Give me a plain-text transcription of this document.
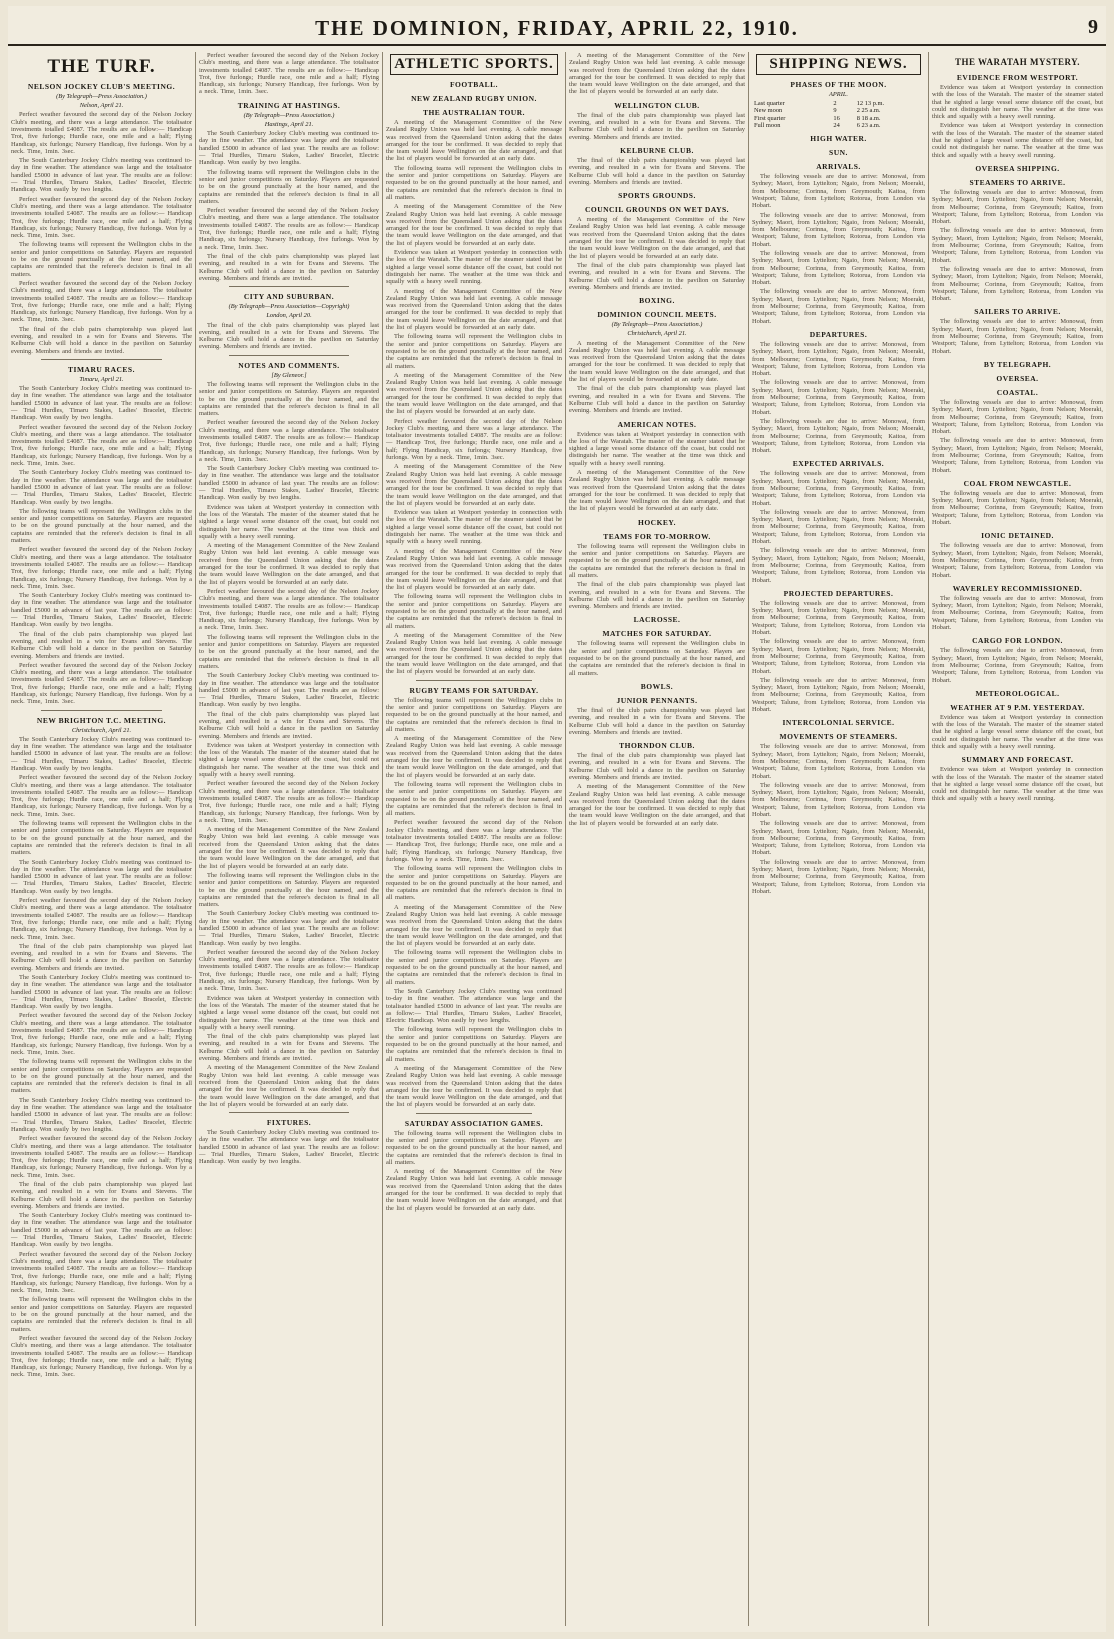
THE DOMINION, FRIDAY, APRIL 22, 1910.	9
THE TURF.
NELSON JOCKEY CLUB'S MEETING.
(By Telegraph—Press Association.)
Nelson, April 21.
Perfect weather favoured the second day of the Nelson Jockey Club's meeting, and there was a large attendance. The totalisator investments totalled £4087. The results are as follow:— Handicap Trot, five furlongs; Hurdle race, one mile and a half; Flying Handicap, six furlongs; Nursery Handicap, five furlongs. Won by a neck. Time, 1min. 3sec.
The South Canterbury Jockey Club's meeting was continued to-day in fine weather. The attendance was large and the totalisator handled £5000 in advance of last year. The results are as follow:— Trial Hurdles, Timaru Stakes, Ladies' Bracelet, Electric Handicap. Won easily by two lengths.
Perfect weather favoured the second day of the Nelson Jockey Club's meeting, and there was a large attendance. The totalisator investments totalled £4087. The results are as follow:— Handicap Trot, five furlongs; Hurdle race, one mile and a half; Flying Handicap, six furlongs; Nursery Handicap, five furlongs. Won by a neck. Time, 1min. 3sec.
The following teams will represent the Wellington clubs in the senior and junior competitions on Saturday. Players are requested to be on the ground punctually at the hour named, and the captains are reminded that the referee's decision is final in all matters.
Perfect weather favoured the second day of the Nelson Jockey Club's meeting, and there was a large attendance. The totalisator investments totalled £4087. The results are as follow:— Handicap Trot, five furlongs; Hurdle race, one mile and a half; Flying Handicap, six furlongs; Nursery Handicap, five furlongs. Won by a neck. Time, 1min. 3sec.
The final of the club pairs championship was played last evening, and resulted in a win for Evans and Stevens. The Kelburne Club will hold a dance in the pavilion on Saturday evening. Members and friends are invited.
TIMARU RACES.
Timaru, April 21.
The South Canterbury Jockey Club's meeting was continued to-day in fine weather. The attendance was large and the totalisator handled £5000 in advance of last year. The results are as follow:— Trial Hurdles, Timaru Stakes, Ladies' Bracelet, Electric Handicap. Won easily by two lengths.
Perfect weather favoured the second day of the Nelson Jockey Club's meeting, and there was a large attendance. The totalisator investments totalled £4087. The results are as follow:— Handicap Trot, five furlongs; Hurdle race, one mile and a half; Flying Handicap, six furlongs; Nursery Handicap, five furlongs. Won by a neck. Time, 1min. 3sec.
The South Canterbury Jockey Club's meeting was continued to-day in fine weather. The attendance was large and the totalisator handled £5000 in advance of last year. The results are as follow:— Trial Hurdles, Timaru Stakes, Ladies' Bracelet, Electric Handicap. Won easily by two lengths.
The following teams will represent the Wellington clubs in the senior and junior competitions on Saturday. Players are requested to be on the ground punctually at the hour named, and the captains are reminded that the referee's decision is final in all matters.
Perfect weather favoured the second day of the Nelson Jockey Club's meeting, and there was a large attendance. The totalisator investments totalled £4087. The results are as follow:— Handicap Trot, five furlongs; Hurdle race, one mile and a half; Flying Handicap, six furlongs; Nursery Handicap, five furlongs. Won by a neck. Time, 1min. 3sec.
The South Canterbury Jockey Club's meeting was continued to-day in fine weather. The attendance was large and the totalisator handled £5000 in advance of last year. The results are as follow:— Trial Hurdles, Timaru Stakes, Ladies' Bracelet, Electric Handicap. Won easily by two lengths.
The final of the club pairs championship was played last evening, and resulted in a win for Evans and Stevens. The Kelburne Club will hold a dance in the pavilion on Saturday evening. Members and friends are invited.
Perfect weather favoured the second day of the Nelson Jockey Club's meeting, and there was a large attendance. The totalisator investments totalled £4087. The results are as follow:— Handicap Trot, five furlongs; Hurdle race, one mile and a half; Flying Handicap, six furlongs; Nursery Handicap, five furlongs. Won by a neck. Time, 1min. 3sec.
NEW BRIGHTON T.C. MEETING.
Christchurch, April 21.
The South Canterbury Jockey Club's meeting was continued to-day in fine weather. The attendance was large and the totalisator handled £5000 in advance of last year. The results are as follow:— Trial Hurdles, Timaru Stakes, Ladies' Bracelet, Electric Handicap. Won easily by two lengths.
Perfect weather favoured the second day of the Nelson Jockey Club's meeting, and there was a large attendance. The totalisator investments totalled £4087. The results are as follow:— Handicap Trot, five furlongs; Hurdle race, one mile and a half; Flying Handicap, six furlongs; Nursery Handicap, five furlongs. Won by a neck. Time, 1min. 3sec.
The following teams will represent the Wellington clubs in the senior and junior competitions on Saturday. Players are requested to be on the ground punctually at the hour named, and the captains are reminded that the referee's decision is final in all matters.
The South Canterbury Jockey Club's meeting was continued to-day in fine weather. The attendance was large and the totalisator handled £5000 in advance of last year. The results are as follow:— Trial Hurdles, Timaru Stakes, Ladies' Bracelet, Electric Handicap. Won easily by two lengths.
Perfect weather favoured the second day of the Nelson Jockey Club's meeting, and there was a large attendance. The totalisator investments totalled £4087. The results are as follow:— Handicap Trot, five furlongs; Hurdle race, one mile and a half; Flying Handicap, six furlongs; Nursery Handicap, five furlongs. Won by a neck. Time, 1min. 3sec.
The final of the club pairs championship was played last evening, and resulted in a win for Evans and Stevens. The Kelburne Club will hold a dance in the pavilion on Saturday evening. Members and friends are invited.
The South Canterbury Jockey Club's meeting was continued to-day in fine weather. The attendance was large and the totalisator handled £5000 in advance of last year. The results are as follow:— Trial Hurdles, Timaru Stakes, Ladies' Bracelet, Electric Handicap. Won easily by two lengths.
Perfect weather favoured the second day of the Nelson Jockey Club's meeting, and there was a large attendance. The totalisator investments totalled £4087. The results are as follow:— Handicap Trot, five furlongs; Hurdle race, one mile and a half; Flying Handicap, six furlongs; Nursery Handicap, five furlongs. Won by a neck. Time, 1min. 3sec.
The following teams will represent the Wellington clubs in the senior and junior competitions on Saturday. Players are requested to be on the ground punctually at the hour named, and the captains are reminded that the referee's decision is final in all matters.
The South Canterbury Jockey Club's meeting was continued to-day in fine weather. The attendance was large and the totalisator handled £5000 in advance of last year. The results are as follow:— Trial Hurdles, Timaru Stakes, Ladies' Bracelet, Electric Handicap. Won easily by two lengths.
Perfect weather favoured the second day of the Nelson Jockey Club's meeting, and there was a large attendance. The totalisator investments totalled £4087. The results are as follow:— Handicap Trot, five furlongs; Hurdle race, one mile and a half; Flying Handicap, six furlongs; Nursery Handicap, five furlongs. Won by a neck. Time, 1min. 3sec.
The final of the club pairs championship was played last evening, and resulted in a win for Evans and Stevens. The Kelburne Club will hold a dance in the pavilion on Saturday evening. Members and friends are invited.
The South Canterbury Jockey Club's meeting was continued to-day in fine weather. The attendance was large and the totalisator handled £5000 in advance of last year. The results are as follow:— Trial Hurdles, Timaru Stakes, Ladies' Bracelet, Electric Handicap. Won easily by two lengths.
Perfect weather favoured the second day of the Nelson Jockey Club's meeting, and there was a large attendance. The totalisator investments totalled £4087. The results are as follow:— Handicap Trot, five furlongs; Hurdle race, one mile and a half; Flying Handicap, six furlongs; Nursery Handicap, five furlongs. Won by a neck. Time, 1min. 3sec.
The following teams will represent the Wellington clubs in the senior and junior competitions on Saturday. Players are requested to be on the ground punctually at the hour named, and the captains are reminded that the referee's decision is final in all matters.
Perfect weather favoured the second day of the Nelson Jockey Club's meeting, and there was a large attendance. The totalisator investments totalled £4087. The results are as follow:— Handicap Trot, five furlongs; Hurdle race, one mile and a half; Flying Handicap, six furlongs; Nursery Handicap, five furlongs. Won by a neck. Time, 1min. 3sec.
Perfect weather favoured the second day of the Nelson Jockey Club's meeting, and there was a large attendance. The totalisator investments totalled £4087. The results are as follow:— Handicap Trot, five furlongs; Hurdle race, one mile and a half; Flying Handicap, six furlongs; Nursery Handicap, five furlongs. Won by a neck. Time, 1min. 3sec.
TRAINING AT HASTINGS.
(By Telegraph—Press Association.)
Hastings, April 21.
The South Canterbury Jockey Club's meeting was continued to-day in fine weather. The attendance was large and the totalisator handled £5000 in advance of last year. The results are as follow:— Trial Hurdles, Timaru Stakes, Ladies' Bracelet, Electric Handicap. Won easily by two lengths.
The following teams will represent the Wellington clubs in the senior and junior competitions on Saturday. Players are requested to be on the ground punctually at the hour named, and the captains are reminded that the referee's decision is final in all matters.
Perfect weather favoured the second day of the Nelson Jockey Club's meeting, and there was a large attendance. The totalisator investments totalled £4087. The results are as follow:— Handicap Trot, five furlongs; Hurdle race, one mile and a half; Flying Handicap, six furlongs; Nursery Handicap, five furlongs. Won by a neck. Time, 1min. 3sec.
The final of the club pairs championship was played last evening, and resulted in a win for Evans and Stevens. The Kelburne Club will hold a dance in the pavilion on Saturday evening. Members and friends are invited.
CITY AND SUBURBAN.
(By Telegraph—Press Association—Copyright)
London, April 20.
The final of the club pairs championship was played last evening, and resulted in a win for Evans and Stevens. The Kelburne Club will hold a dance in the pavilion on Saturday evening. Members and friends are invited.
NOTES AND COMMENTS.
[By Gleneor.]
The following teams will represent the Wellington clubs in the senior and junior competitions on Saturday. Players are requested to be on the ground punctually at the hour named, and the captains are reminded that the referee's decision is final in all matters.
Perfect weather favoured the second day of the Nelson Jockey Club's meeting, and there was a large attendance. The totalisator investments totalled £4087. The results are as follow:— Handicap Trot, five furlongs; Hurdle race, one mile and a half; Flying Handicap, six furlongs; Nursery Handicap, five furlongs. Won by a neck. Time, 1min. 3sec.
The South Canterbury Jockey Club's meeting was continued to-day in fine weather. The attendance was large and the totalisator handled £5000 in advance of last year. The results are as follow:— Trial Hurdles, Timaru Stakes, Ladies' Bracelet, Electric Handicap. Won easily by two lengths.
Evidence was taken at Westport yesterday in connection with the loss of the Waratah. The master of the steamer stated that he sighted a large vessel some distance off the coast, but could not distinguish her name. The weather at the time was thick and squally with a heavy swell running.
A meeting of the Management Committee of the New Zealand Rugby Union was held last evening. A cable message was received from the Queensland Union asking that the dates arranged for the tour be confirmed. It was decided to reply that the team would leave Wellington on the date arranged, and that the list of players would be forwarded at an early date.
Perfect weather favoured the second day of the Nelson Jockey Club's meeting, and there was a large attendance. The totalisator investments totalled £4087. The results are as follow:— Handicap Trot, five furlongs; Hurdle race, one mile and a half; Flying Handicap, six furlongs; Nursery Handicap, five furlongs. Won by a neck. Time, 1min. 3sec.
The following teams will represent the Wellington clubs in the senior and junior competitions on Saturday. Players are requested to be on the ground punctually at the hour named, and the captains are reminded that the referee's decision is final in all matters.
The South Canterbury Jockey Club's meeting was continued to-day in fine weather. The attendance was large and the totalisator handled £5000 in advance of last year. The results are as follow:— Trial Hurdles, Timaru Stakes, Ladies' Bracelet, Electric Handicap. Won easily by two lengths.
The final of the club pairs championship was played last evening, and resulted in a win for Evans and Stevens. The Kelburne Club will hold a dance in the pavilion on Saturday evening. Members and friends are invited.
Evidence was taken at Westport yesterday in connection with the loss of the Waratah. The master of the steamer stated that he sighted a large vessel some distance off the coast, but could not distinguish her name. The weather at the time was thick and squally with a heavy swell running.
Perfect weather favoured the second day of the Nelson Jockey Club's meeting, and there was a large attendance. The totalisator investments totalled £4087. The results are as follow:— Handicap Trot, five furlongs; Hurdle race, one mile and a half; Flying Handicap, six furlongs; Nursery Handicap, five furlongs. Won by a neck. Time, 1min. 3sec.
A meeting of the Management Committee of the New Zealand Rugby Union was held last evening. A cable message was received from the Queensland Union asking that the dates arranged for the tour be confirmed. It was decided to reply that the team would leave Wellington on the date arranged, and that the list of players would be forwarded at an early date.
The following teams will represent the Wellington clubs in the senior and junior competitions on Saturday. Players are requested to be on the ground punctually at the hour named, and the captains are reminded that the referee's decision is final in all matters.
The South Canterbury Jockey Club's meeting was continued to-day in fine weather. The attendance was large and the totalisator handled £5000 in advance of last year. The results are as follow:— Trial Hurdles, Timaru Stakes, Ladies' Bracelet, Electric Handicap. Won easily by two lengths.
Perfect weather favoured the second day of the Nelson Jockey Club's meeting, and there was a large attendance. The totalisator investments totalled £4087. The results are as follow:— Handicap Trot, five furlongs; Hurdle race, one mile and a half; Flying Handicap, six furlongs; Nursery Handicap, five furlongs. Won by a neck. Time, 1min. 3sec.
Evidence was taken at Westport yesterday in connection with the loss of the Waratah. The master of the steamer stated that he sighted a large vessel some distance off the coast, but could not distinguish her name. The weather at the time was thick and squally with a heavy swell running.
The final of the club pairs championship was played last evening, and resulted in a win for Evans and Stevens. The Kelburne Club will hold a dance in the pavilion on Saturday evening. Members and friends are invited.
A meeting of the Management Committee of the New Zealand Rugby Union was held last evening. A cable message was received from the Queensland Union asking that the dates arranged for the tour be confirmed. It was decided to reply that the team would leave Wellington on the date arranged, and that the list of players would be forwarded at an early date.
FIXTURES.
The South Canterbury Jockey Club's meeting was continued to-day in fine weather. The attendance was large and the totalisator handled £5000 in advance of last year. The results are as follow:— Trial Hurdles, Timaru Stakes, Ladies' Bracelet, Electric Handicap. Won easily by two lengths.
ATHLETIC SPORTS.
FOOTBALL.
NEW ZEALAND RUGBY UNION.
THE AUSTRALIAN TOUR.
A meeting of the Management Committee of the New Zealand Rugby Union was held last evening. A cable message was received from the Queensland Union asking that the dates arranged for the tour be confirmed. It was decided to reply that the team would leave Wellington on the date arranged, and that the list of players would be forwarded at an early date.
The following teams will represent the Wellington clubs in the senior and junior competitions on Saturday. Players are requested to be on the ground punctually at the hour named, and the captains are reminded that the referee's decision is final in all matters.
A meeting of the Management Committee of the New Zealand Rugby Union was held last evening. A cable message was received from the Queensland Union asking that the dates arranged for the tour be confirmed. It was decided to reply that the team would leave Wellington on the date arranged, and that the list of players would be forwarded at an early date.
Evidence was taken at Westport yesterday in connection with the loss of the Waratah. The master of the steamer stated that he sighted a large vessel some distance off the coast, but could not distinguish her name. The weather at the time was thick and squally with a heavy swell running.
A meeting of the Management Committee of the New Zealand Rugby Union was held last evening. A cable message was received from the Queensland Union asking that the dates arranged for the tour be confirmed. It was decided to reply that the team would leave Wellington on the date arranged, and that the list of players would be forwarded at an early date.
The following teams will represent the Wellington clubs in the senior and junior competitions on Saturday. Players are requested to be on the ground punctually at the hour named, and the captains are reminded that the referee's decision is final in all matters.
A meeting of the Management Committee of the New Zealand Rugby Union was held last evening. A cable message was received from the Queensland Union asking that the dates arranged for the tour be confirmed. It was decided to reply that the team would leave Wellington on the date arranged, and that the list of players would be forwarded at an early date.
Perfect weather favoured the second day of the Nelson Jockey Club's meeting, and there was a large attendance. The totalisator investments totalled £4087. The results are as follow:— Handicap Trot, five furlongs; Hurdle race, one mile and a half; Flying Handicap, six furlongs; Nursery Handicap, five furlongs. Won by a neck. Time, 1min. 3sec.
A meeting of the Management Committee of the New Zealand Rugby Union was held last evening. A cable message was received from the Queensland Union asking that the dates arranged for the tour be confirmed. It was decided to reply that the team would leave Wellington on the date arranged, and that the list of players would be forwarded at an early date.
Evidence was taken at Westport yesterday in connection with the loss of the Waratah. The master of the steamer stated that he sighted a large vessel some distance off the coast, but could not distinguish her name. The weather at the time was thick and squally with a heavy swell running.
A meeting of the Management Committee of the New Zealand Rugby Union was held last evening. A cable message was received from the Queensland Union asking that the dates arranged for the tour be confirmed. It was decided to reply that the team would leave Wellington on the date arranged, and that the list of players would be forwarded at an early date.
The following teams will represent the Wellington clubs in the senior and junior competitions on Saturday. Players are requested to be on the ground punctually at the hour named, and the captains are reminded that the referee's decision is final in all matters.
A meeting of the Management Committee of the New Zealand Rugby Union was held last evening. A cable message was received from the Queensland Union asking that the dates arranged for the tour be confirmed. It was decided to reply that the team would leave Wellington on the date arranged, and that the list of players would be forwarded at an early date.
RUGBY TEAMS FOR SATURDAY.
The following teams will represent the Wellington clubs in the senior and junior competitions on Saturday. Players are requested to be on the ground punctually at the hour named, and the captains are reminded that the referee's decision is final in all matters.
A meeting of the Management Committee of the New Zealand Rugby Union was held last evening. A cable message was received from the Queensland Union asking that the dates arranged for the tour be confirmed. It was decided to reply that the team would leave Wellington on the date arranged, and that the list of players would be forwarded at an early date.
The following teams will represent the Wellington clubs in the senior and junior competitions on Saturday. Players are requested to be on the ground punctually at the hour named, and the captains are reminded that the referee's decision is final in all matters.
Perfect weather favoured the second day of the Nelson Jockey Club's meeting, and there was a large attendance. The totalisator investments totalled £4087. The results are as follow:— Handicap Trot, five furlongs; Hurdle race, one mile and a half; Flying Handicap, six furlongs; Nursery Handicap, five furlongs. Won by a neck. Time, 1min. 3sec.
The following teams will represent the Wellington clubs in the senior and junior competitions on Saturday. Players are requested to be on the ground punctually at the hour named, and the captains are reminded that the referee's decision is final in all matters.
A meeting of the Management Committee of the New Zealand Rugby Union was held last evening. A cable message was received from the Queensland Union asking that the dates arranged for the tour be confirmed. It was decided to reply that the team would leave Wellington on the date arranged, and that the list of players would be forwarded at an early date.
The following teams will represent the Wellington clubs in the senior and junior competitions on Saturday. Players are requested to be on the ground punctually at the hour named, and the captains are reminded that the referee's decision is final in all matters.
The South Canterbury Jockey Club's meeting was continued to-day in fine weather. The attendance was large and the totalisator handled £5000 in advance of last year. The results are as follow:— Trial Hurdles, Timaru Stakes, Ladies' Bracelet, Electric Handicap. Won easily by two lengths.
The following teams will represent the Wellington clubs in the senior and junior competitions on Saturday. Players are requested to be on the ground punctually at the hour named, and the captains are reminded that the referee's decision is final in all matters.
A meeting of the Management Committee of the New Zealand Rugby Union was held last evening. A cable message was received from the Queensland Union asking that the dates arranged for the tour be confirmed. It was decided to reply that the team would leave Wellington on the date arranged, and that the list of players would be forwarded at an early date.
SATURDAY ASSOCIATION GAMES.
The following teams will represent the Wellington clubs in the senior and junior competitions on Saturday. Players are requested to be on the ground punctually at the hour named, and the captains are reminded that the referee's decision is final in all matters.
A meeting of the Management Committee of the New Zealand Rugby Union was held last evening. A cable message was received from the Queensland Union asking that the dates arranged for the tour be confirmed. It was decided to reply that the team would leave Wellington on the date arranged, and that the list of players would be forwarded at an early date.
A meeting of the Management Committee of the New Zealand Rugby Union was held last evening. A cable message was received from the Queensland Union asking that the dates arranged for the tour be confirmed. It was decided to reply that the team would leave Wellington on the date arranged, and that the list of players would be forwarded at an early date.
WELLINGTON CLUB.
The final of the club pairs championship was played last evening, and resulted in a win for Evans and Stevens. The Kelburne Club will hold a dance in the pavilion on Saturday evening. Members and friends are invited.
KELBURNE CLUB.
The final of the club pairs championship was played last evening, and resulted in a win for Evans and Stevens. The Kelburne Club will hold a dance in the pavilion on Saturday evening. Members and friends are invited.
SPORTS GROUNDS.
COUNCIL GROUNDS ON WET DAYS.
A meeting of the Management Committee of the New Zealand Rugby Union was held last evening. A cable message was received from the Queensland Union asking that the dates arranged for the tour be confirmed. It was decided to reply that the team would leave Wellington on the date arranged, and that the list of players would be forwarded at an early date.
The final of the club pairs championship was played last evening, and resulted in a win for Evans and Stevens. The Kelburne Club will hold a dance in the pavilion on Saturday evening. Members and friends are invited.
BOXING.
DOMINION COUNCIL MEETS.
(By Telegraph—Press Association.)
Christchurch, April 21.
A meeting of the Management Committee of the New Zealand Rugby Union was held last evening. A cable message was received from the Queensland Union asking that the dates arranged for the tour be confirmed. It was decided to reply that the team would leave Wellington on the date arranged, and that the list of players would be forwarded at an early date.
The final of the club pairs championship was played last evening, and resulted in a win for Evans and Stevens. The Kelburne Club will hold a dance in the pavilion on Saturday evening. Members and friends are invited.
AMERICAN NOTES.
Evidence was taken at Westport yesterday in connection with the loss of the Waratah. The master of the steamer stated that he sighted a large vessel some distance off the coast, but could not distinguish her name. The weather at the time was thick and squally with a heavy swell running.
A meeting of the Management Committee of the New Zealand Rugby Union was held last evening. A cable message was received from the Queensland Union asking that the dates arranged for the tour be confirmed. It was decided to reply that the team would leave Wellington on the date arranged, and that the list of players would be forwarded at an early date.
HOCKEY.
TEAMS FOR TO-MORROW.
The following teams will represent the Wellington clubs in the senior and junior competitions on Saturday. Players are requested to be on the ground punctually at the hour named, and the captains are reminded that the referee's decision is final in all matters.
The final of the club pairs championship was played last evening, and resulted in a win for Evans and Stevens. The Kelburne Club will hold a dance in the pavilion on Saturday evening. Members and friends are invited.
LACROSSE.
MATCHES FOR SATURDAY.
The following teams will represent the Wellington clubs in the senior and junior competitions on Saturday. Players are requested to be on the ground punctually at the hour named, and the captains are reminded that the referee's decision is final in all matters.
BOWLS.
JUNIOR PENNANTS.
The final of the club pairs championship was played last evening, and resulted in a win for Evans and Stevens. The Kelburne Club will hold a dance in the pavilion on Saturday evening. Members and friends are invited.
THORNDON CLUB.
The final of the club pairs championship was played last evening, and resulted in a win for Evans and Stevens. The Kelburne Club will hold a dance in the pavilion on Saturday evening. Members and friends are invited.
A meeting of the Management Committee of the New Zealand Rugby Union was held last evening. A cable message was received from the Queensland Union asking that the dates arranged for the tour be confirmed. It was decided to reply that the team would leave Wellington on the date arranged, and that the list of players would be forwarded at an early date.
SHIPPING NEWS.
PHASES OF THE MOON.
APRIL.
Last quarter	2	12 13 p.m.
New moon	9	2 25 a.m.
First quarter	16	8 18 a.m.
Full moon	24	6 23 a.m.
HIGH WATER.
SUN.
ARRIVALS.
The following vessels are due to arrive: Monowai, from Sydney; Maori, from Lyttelton; Ngaio, from Nelson; Moeraki, from Melbourne; Corinna, from Greymouth; Kaitoa, from Westport; Talune, from Lyttelton; Rotorua, from London via Hobart.
The following vessels are due to arrive: Monowai, from Sydney; Maori, from Lyttelton; Ngaio, from Nelson; Moeraki, from Melbourne; Corinna, from Greymouth; Kaitoa, from Westport; Talune, from Lyttelton; Rotorua, from London via Hobart.
The following vessels are due to arrive: Monowai, from Sydney; Maori, from Lyttelton; Ngaio, from Nelson; Moeraki, from Melbourne; Corinna, from Greymouth; Kaitoa, from Westport; Talune, from Lyttelton; Rotorua, from London via Hobart.
The following vessels are due to arrive: Monowai, from Sydney; Maori, from Lyttelton; Ngaio, from Nelson; Moeraki, from Melbourne; Corinna, from Greymouth; Kaitoa, from Westport; Talune, from Lyttelton; Rotorua, from London via Hobart.
DEPARTURES.
The following vessels are due to arrive: Monowai, from Sydney; Maori, from Lyttelton; Ngaio, from Nelson; Moeraki, from Melbourne; Corinna, from Greymouth; Kaitoa, from Westport; Talune, from Lyttelton; Rotorua, from London via Hobart.
The following vessels are due to arrive: Monowai, from Sydney; Maori, from Lyttelton; Ngaio, from Nelson; Moeraki, from Melbourne; Corinna, from Greymouth; Kaitoa, from Westport; Talune, from Lyttelton; Rotorua, from London via Hobart.
The following vessels are due to arrive: Monowai, from Sydney; Maori, from Lyttelton; Ngaio, from Nelson; Moeraki, from Melbourne; Corinna, from Greymouth; Kaitoa, from Westport; Talune, from Lyttelton; Rotorua, from London via Hobart.
EXPECTED ARRIVALS.
The following vessels are due to arrive: Monowai, from Sydney; Maori, from Lyttelton; Ngaio, from Nelson; Moeraki, from Melbourne; Corinna, from Greymouth; Kaitoa, from Westport; Talune, from Lyttelton; Rotorua, from London via Hobart.
The following vessels are due to arrive: Monowai, from Sydney; Maori, from Lyttelton; Ngaio, from Nelson; Moeraki, from Melbourne; Corinna, from Greymouth; Kaitoa, from Westport; Talune, from Lyttelton; Rotorua, from London via Hobart.
The following vessels are due to arrive: Monowai, from Sydney; Maori, from Lyttelton; Ngaio, from Nelson; Moeraki, from Melbourne; Corinna, from Greymouth; Kaitoa, from Westport; Talune, from Lyttelton; Rotorua, from London via Hobart.
PROJECTED DEPARTURES.
The following vessels are due to arrive: Monowai, from Sydney; Maori, from Lyttelton; Ngaio, from Nelson; Moeraki, from Melbourne; Corinna, from Greymouth; Kaitoa, from Westport; Talune, from Lyttelton; Rotorua, from London via Hobart.
The following vessels are due to arrive: Monowai, from Sydney; Maori, from Lyttelton; Ngaio, from Nelson; Moeraki, from Melbourne; Corinna, from Greymouth; Kaitoa, from Westport; Talune, from Lyttelton; Rotorua, from London via Hobart.
The following vessels are due to arrive: Monowai, from Sydney; Maori, from Lyttelton; Ngaio, from Nelson; Moeraki, from Melbourne; Corinna, from Greymouth; Kaitoa, from Westport; Talune, from Lyttelton; Rotorua, from London via Hobart.
INTERCOLONIAL SERVICE.
MOVEMENTS OF STEAMERS.
The following vessels are due to arrive: Monowai, from Sydney; Maori, from Lyttelton; Ngaio, from Nelson; Moeraki, from Melbourne; Corinna, from Greymouth; Kaitoa, from Westport; Talune, from Lyttelton; Rotorua, from London via Hobart.
The following vessels are due to arrive: Monowai, from Sydney; Maori, from Lyttelton; Ngaio, from Nelson; Moeraki, from Melbourne; Corinna, from Greymouth; Kaitoa, from Westport; Talune, from Lyttelton; Rotorua, from London via Hobart.
The following vessels are due to arrive: Monowai, from Sydney; Maori, from Lyttelton; Ngaio, from Nelson; Moeraki, from Melbourne; Corinna, from Greymouth; Kaitoa, from Westport; Talune, from Lyttelton; Rotorua, from London via Hobart.
The following vessels are due to arrive: Monowai, from Sydney; Maori, from Lyttelton; Ngaio, from Nelson; Moeraki, from Melbourne; Corinna, from Greymouth; Kaitoa, from Westport; Talune, from Lyttelton; Rotorua, from London via Hobart.
THE WARATAH MYSTERY.
EVIDENCE FROM WESTPORT.
Evidence was taken at Westport yesterday in connection with the loss of the Waratah. The master of the steamer stated that he sighted a large vessel some distance off the coast, but could not distinguish her name. The weather at the time was thick and squally with a heavy swell running.
Evidence was taken at Westport yesterday in connection with the loss of the Waratah. The master of the steamer stated that he sighted a large vessel some distance off the coast, but could not distinguish her name. The weather at the time was thick and squally with a heavy swell running.
OVERSEA SHIPPING.
STEAMERS TO ARRIVE.
The following vessels are due to arrive: Monowai, from Sydney; Maori, from Lyttelton; Ngaio, from Nelson; Moeraki, from Melbourne; Corinna, from Greymouth; Kaitoa, from Westport; Talune, from Lyttelton; Rotorua, from London via Hobart.
The following vessels are due to arrive: Monowai, from Sydney; Maori, from Lyttelton; Ngaio, from Nelson; Moeraki, from Melbourne; Corinna, from Greymouth; Kaitoa, from Westport; Talune, from Lyttelton; Rotorua, from London via Hobart.
The following vessels are due to arrive: Monowai, from Sydney; Maori, from Lyttelton; Ngaio, from Nelson; Moeraki, from Melbourne; Corinna, from Greymouth; Kaitoa, from Westport; Talune, from Lyttelton; Rotorua, from London via Hobart.
SAILERS TO ARRIVE.
The following vessels are due to arrive: Monowai, from Sydney; Maori, from Lyttelton; Ngaio, from Nelson; Moeraki, from Melbourne; Corinna, from Greymouth; Kaitoa, from Westport; Talune, from Lyttelton; Rotorua, from London via Hobart.
BY TELEGRAPH.
OVERSEA.
COASTAL.
The following vessels are due to arrive: Monowai, from Sydney; Maori, from Lyttelton; Ngaio, from Nelson; Moeraki, from Melbourne; Corinna, from Greymouth; Kaitoa, from Westport; Talune, from Lyttelton; Rotorua, from London via Hobart.
The following vessels are due to arrive: Monowai, from Sydney; Maori, from Lyttelton; Ngaio, from Nelson; Moeraki, from Melbourne; Corinna, from Greymouth; Kaitoa, from Westport; Talune, from Lyttelton; Rotorua, from London via Hobart.
COAL FROM NEWCASTLE.
The following vessels are due to arrive: Monowai, from Sydney; Maori, from Lyttelton; Ngaio, from Nelson; Moeraki, from Melbourne; Corinna, from Greymouth; Kaitoa, from Westport; Talune, from Lyttelton; Rotorua, from London via Hobart.
IONIC DETAINED.
The following vessels are due to arrive: Monowai, from Sydney; Maori, from Lyttelton; Ngaio, from Nelson; Moeraki, from Melbourne; Corinna, from Greymouth; Kaitoa, from Westport; Talune, from Lyttelton; Rotorua, from London via Hobart.
WAVERLEY RECOMMISSIONED.
The following vessels are due to arrive: Monowai, from Sydney; Maori, from Lyttelton; Ngaio, from Nelson; Moeraki, from Melbourne; Corinna, from Greymouth; Kaitoa, from Westport; Talune, from Lyttelton; Rotorua, from London via Hobart.
CARGO FOR LONDON.
The following vessels are due to arrive: Monowai, from Sydney; Maori, from Lyttelton; Ngaio, from Nelson; Moeraki, from Melbourne; Corinna, from Greymouth; Kaitoa, from Westport; Talune, from Lyttelton; Rotorua, from London via Hobart.
METEOROLOGICAL.
WEATHER AT 9 P.M. YESTERDAY.
Evidence was taken at Westport yesterday in connection with the loss of the Waratah. The master of the steamer stated that he sighted a large vessel some distance off the coast, but could not distinguish her name. The weather at the time was thick and squally with a heavy swell running.
SUMMARY AND FORECAST.
Evidence was taken at Westport yesterday in connection with the loss of the Waratah. The master of the steamer stated that he sighted a large vessel some distance off the coast, but could not distinguish her name. The weather at the time was thick and squally with a heavy swell running.
